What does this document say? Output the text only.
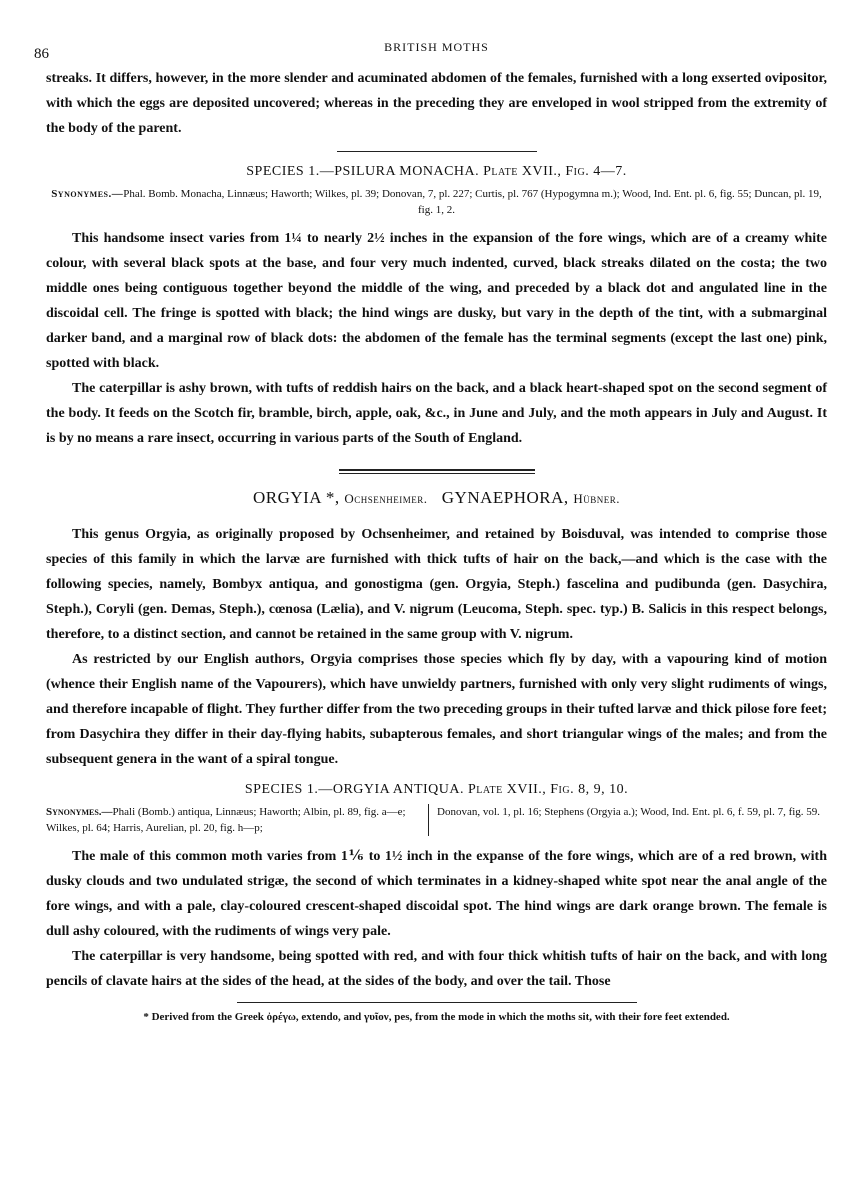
86	BRITISH MOTHS

streaks. It differs, however, in the more slender and acuminated abdomen of the females, furnished with a long exserted ovipositor, with which the eggs are deposited uncovered; whereas in the preceding they are enveloped in wool stripped from the extremity of the body of the parent.

SPECIES 1.—PSILURA MONACHA. Plate XVII., Fig. 4—7.
Synonymes.—Phal. Bomb. Monacha, Linnæus; Haworth; Wilkes, pl. 39; Donovan, 7, pl. 227; Curtis, pl. 767 (Hypogymna m.); Wood, Ind. Ent. pl. 6, fig. 55; Duncan, pl. 19, fig. 1, 2.

This handsome insect varies from 1¼ to nearly 2½ inches in the expansion of the fore wings, which are of a creamy white colour, with several black spots at the base, and four very much indented, curved, black streaks dilated on the costa; the two middle ones being contiguous together beyond the middle of the wing, and preceded by a black dot and angulated line in the discoidal cell. The fringe is spotted with black; the hind wings are dusky, but vary in the depth of the tint, with a submarginal darker band, and a marginal row of black dots: the abdomen of the female has the terminal segments (except the last one) pink, spotted with black.

The caterpillar is ashy brown, with tufts of reddish hairs on the back, and a black heart-shaped spot on the second segment of the body. It feeds on the Scotch fir, bramble, birch, apple, oak, &c., in June and July, and the moth appears in July and August. It is by no means a rare insect, occurring in various parts of the South of England.

ORGYIA *, Ochsenheimer. GYNAEPHORA, Hübner.

This genus Orgyia, as originally proposed by Ochsenheimer, and retained by Boisduval, was intended to comprise those species of this family in which the larvæ are furnished with thick tufts of hair on the back,—and which is the case with the following species, namely, Bombyx antiqua, and gonostigma (gen. Orgyia, Steph.) fascelina and pudibunda (gen. Dasychira, Steph.), Coryli (gen. Demas, Steph.), cœnosa (Lælia), and V. nigrum (Leucoma, Steph. spec. typ.) B. Salicis in this respect belongs, therefore, to a distinct section, and cannot be retained in the same group with V. nigrum.

As restricted by our English authors, Orgyia comprises those species which fly by day, with a vapouring kind of motion (whence their English name of the Vapourers), which have unwieldy partners, furnished with only very slight rudiments of wings, and therefore incapable of flight. They further differ from the two preceding groups in their tufted larvæ and thick pilose fore feet; from Dasychira they differ in their day-flying habits, subapterous females, and short triangular wings of the males; and from the subsequent genera in the want of a spiral tongue.

SPECIES 1.—ORGYIA ANTIQUA. Plate XVII., Fig. 8, 9, 10.
Synonymes.—Phali (Bomb.) antiqua, Linnæus; Haworth; Albin, pl. 89, fig. a—e; Wilkes, pl. 64; Harris, Aurelian, pl. 20, fig. h—p;
Donovan, vol. 1, pl. 16; Stephens (Orgyia a.); Wood, Ind. Ent. pl. 6, f. 59, pl. 7, fig. 59.

The male of this common moth varies from 1⅙ to 1½ inch in the expanse of the fore wings, which are of a red brown, with dusky clouds and two undulated strigæ, the second of which terminates in a kidney-shaped white spot near the anal angle of the fore wings, and with a pale, clay-coloured crescent-shaped discoidal spot. The hind wings are dark orange brown. The female is dull ashy coloured, with the rudiments of wings very pale.

The caterpillar is very handsome, being spotted with red, and with four thick whitish tufts of hair on the back, and with long pencils of clavate hairs at the sides of the head, at the sides of the body, and over the tail. Those

* Derived from the Greek ὀρέγω, extendo, and γυῖον, pes, from the mode in which the moths sit, with their fore feet extended.
